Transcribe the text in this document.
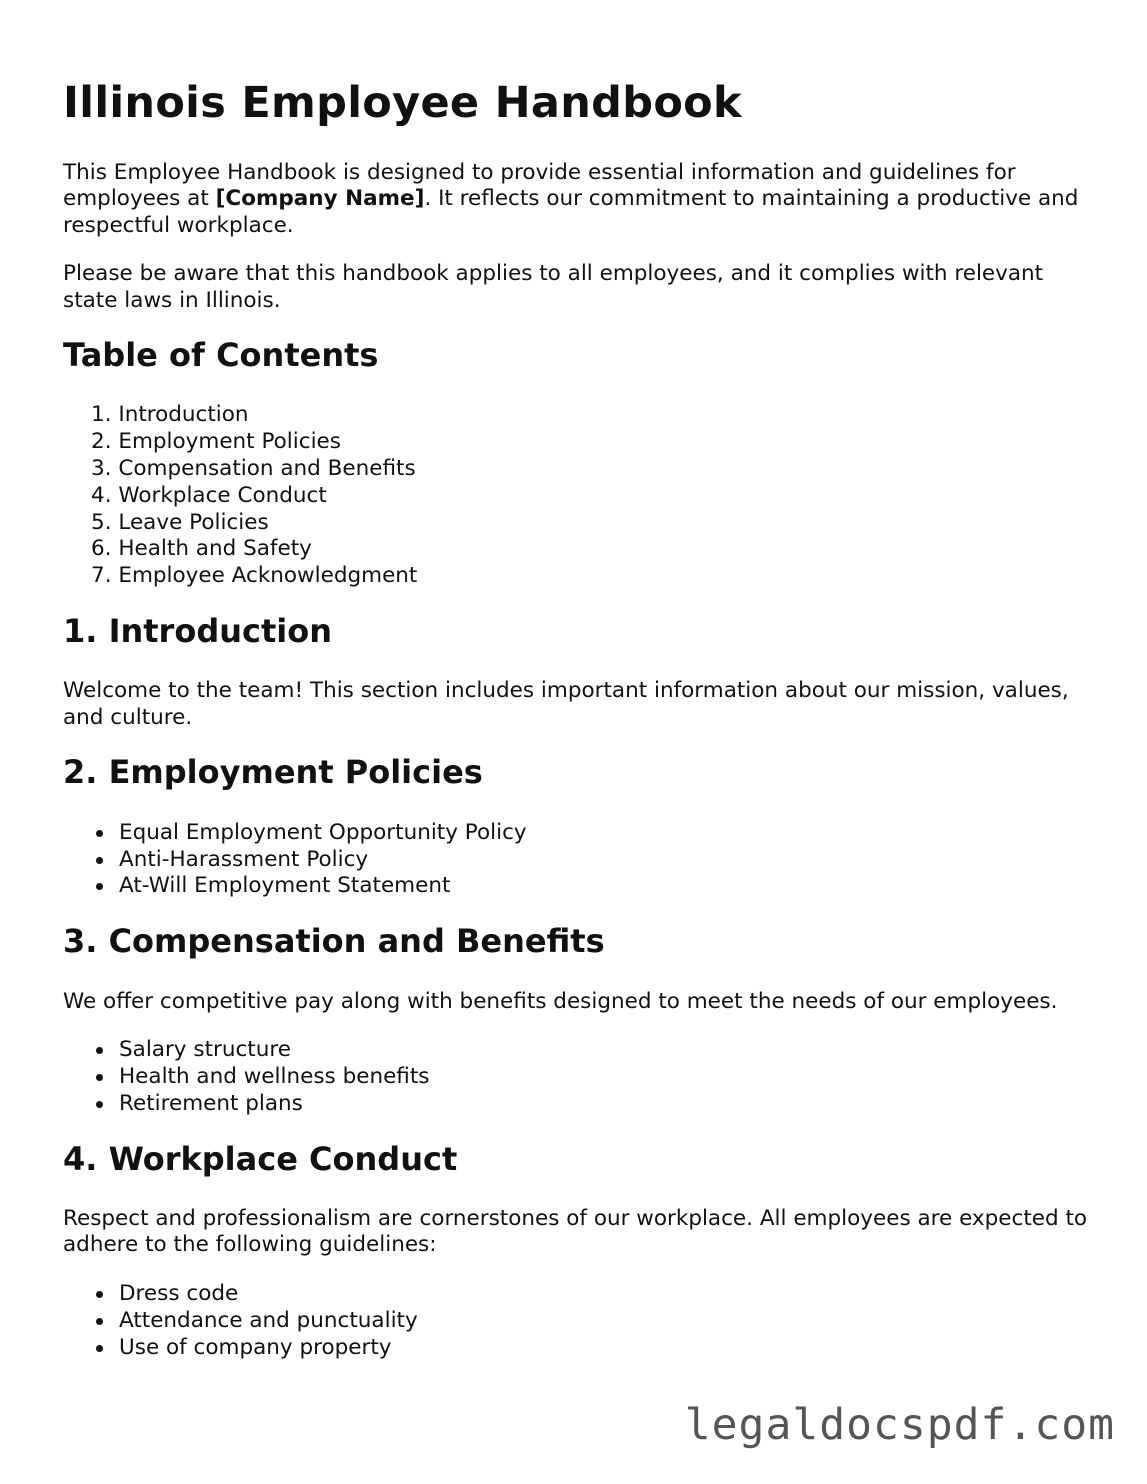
Illinois Employee Handbook

This Employee Handbook is designed to provide essential information and guidelines for employees at [Company Name]. It reflects our commitment to maintaining a productive and respectful workplace.

Please be aware that this handbook applies to all employees, and it complies with relevant state laws in Illinois.

Table of Contents
Introduction
Employment Policies
Compensation and Benefits
Workplace Conduct
Leave Policies
Health and Safety
Employee Acknowledgment
1. Introduction

Welcome to the team! This section includes important information about our mission, values, and culture.

2. Employment Policies
Equal Employment Opportunity Policy
Anti-Harassment Policy
At-Will Employment Statement
3. Compensation and Benefits

We offer competitive pay along with benefits designed to meet the needs of our employees.

Salary structure
Health and wellness benefits
Retirement plans
4. Workplace Conduct

Respect and professionalism are cornerstones of our workplace. All employees are expected to adhere to the following guidelines:

Dress code
Attendance and punctuality
Use of company property
legaldocspdf.com
